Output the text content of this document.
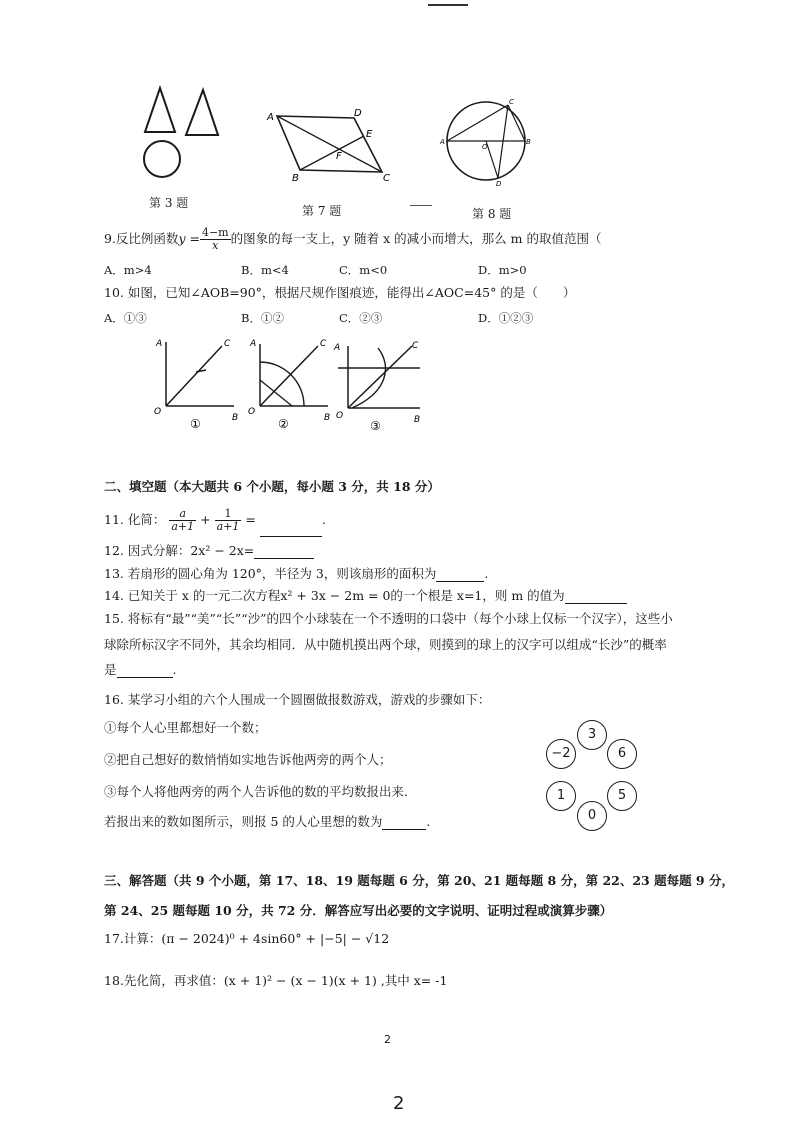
第 3 题
A	D
E
F
B	C
第 7 题
A
O
B
C
D
第 8 题
9.反比例函数$y = \frac{4-m}{x}$ 的图象的每一支上，y 随着 x 的减小而增大，那么 m 的取值范围（
A．m>4	B．m<4	C．m<0	D．m>0
10. 如图，已知∠AOB=90°，根据尺规作图痕迹，能得出∠AOC=45° 的是（　　）
A．①③	B．①②	C．②③	D．①②③
A	C
O
B
①
A	C
O
B
②
A	C
O	B
③
二、填空题（本大题共 6 个小题，每小题 3 分，共 18 分）
11. 化简： $\frac{a}{a+1} + \frac{1}{a+1}$ =	.
12. 因式分解：2x² − 2x=
13. 若扇形的圆心角为 120°，半径为 3，则该扇形的面积为	.
14. 已知关于 x 的一元二次方程x² + 3x − 2m = 0的一个根是 x=1，则 m 的值为
15. 将标有“最”“美”“长”“沙”的四个小球装在一个不透明的口袋中（每个小球上仅标一个汉字），这些小
球除所标汉字不同外，其余均相同．从中随机摸出两个球，则摸到的球上的汉字可以组成“长沙”的概率
是	.
16. 某学习小组的六个人围成一个圆圈做报数游戏，游戏的步骤如下：
①每个人心里都想好一个数；
②把自己想好的数悄悄如实地告诉他两旁的两个人；
③每个人将他两旁的两个人告诉他的数的平均数报出来．
若报出来的数如图所示，则报 5 的人心里想的数为	.
3
6
5
0
1
−2
三、解答题（共 9 个小题，第 17、18、19 题每题 6 分，第 20、21 题每题 8 分，第 22、23 题每题 9 分，
第 24、25 题每题 10 分，共 72 分．解答应写出必要的文字说明、证明过程或演算步骤）
17.计算：(π − 2024)⁰ + 4sin60° + |−5| − √12
18.先化简，再求值：(x + 1)² − (x − 1)(x + 1) ,其中 x= -1
2
2
